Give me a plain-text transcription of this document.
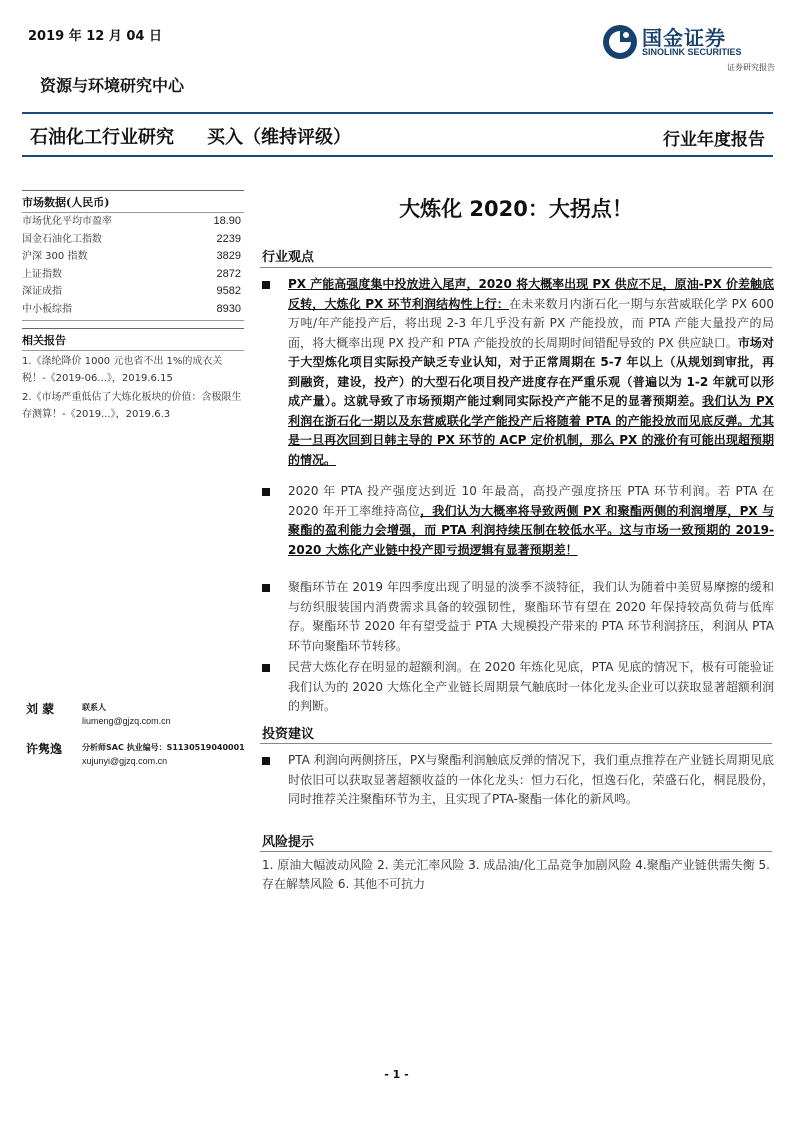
2019 年 12 月 04 日	国金证券
SINOLINK SECURITIES
证券研究报告
资源与环境研究中心
石油化工行业研究 买入（维持评级）	行业年度报告
市场数据(人民币)
市场优化平均市盈率	18.90
国金石油化工指数	2239
沪深 300 指数	3829
上证指数	2872
深证成指	9582
中小板综指	8930
相关报告
1.《涤纶降价 1000 元也省不出 1%的成衣关税！-《2019-06...》，2019.6.15
2.《市场严重低估了大炼化板块的价值：含极限生存测算！-《2019...》，2019.6.3
刘 蒙	联系人
liumeng@gjzq.com.cn
许隽逸 分析师SAC 执业编号：S1130519040001
xujunyi@gjzq.com.cn
大炼化 2020：大拐点！
行业观点
PX 产能高强度集中投放进入尾声，2020 将大概率出现 PX 供应不足，原油-PX 价差触底反转，大炼化 PX 环节利润结构性上行：在未来数月内浙石化一期与东营威联化学 PX 600 万吨/年产能投产后，将出现 2-3 年几乎没有新 PX 产能投放，而 PTA 产能大量投产的局面，将大概率出现 PX 投产和 PTA 产能投放的长周期时间错配导致的 PX 供应缺口。市场对于大型炼化项目实际投产缺乏专业认知，对于正常周期在 5-7 年以上（从规划到审批，再到融资，建设，投产）的大型石化项目投产进度存在严重乐观（普遍以为 1-2 年就可以形成产量）。这就导致了市场预期产能过剩同实际投产产能不足的显著预期差。我们认为 PX 利润在浙石化一期以及东营威联化学产能投产后将随着 PTA 的产能投放而见底反弹。尤其是一旦再次回到日韩主导的 PX 环节的 ACP 定价机制，那么 PX 的涨价有可能出现超预期的情况。
2020 年 PTA 投产强度达到近 10 年最高，高投产强度挤压 PTA 环节利润。若 PTA 在 2020 年开工率维持高位，我们认为大概率将导致两侧 PX 和聚酯两侧的利润增厚，PX 与聚酯的盈利能力会增强，而 PTA 利润持续压制在较低水平。这与市场一致预期的 2019-2020 大炼化产业链中投产即亏损逻辑有显著预期差！
聚酯环节在 2019 年四季度出现了明显的淡季不淡特征，我们认为随着中美贸易摩擦的缓和与纺织服装国内消费需求具备的较强韧性，聚酯环节有望在 2020 年保持较高负荷与低库存。聚酯环节 2020 年有望受益于 PTA 大规模投产带来的 PTA 环节利润挤压，利润从 PTA 环节向聚酯环节转移。
民营大炼化存在明显的超额利润。在 2020 年炼化见底，PTA 见底的情况下，极有可能验证我们认为的 2020 大炼化全产业链长周期景气触底时一体化龙头企业可以获取显著超额利润的判断。
投资建议
PTA 利润向两侧挤压，PX与聚酯利润触底反弹的情况下，我们重点推荐在产业链长周期见底时依旧可以获取显著超额收益的一体化龙头：恒力石化，恒逸石化，荣盛石化，桐昆股份，同时推荐关注聚酯环节为主，且实现了PTA-聚酯一体化的新风鸣。
风险提示
1. 原油大幅波动风险 2. 美元汇率风险 3. 成品油/化工品竞争加剧风险 4.聚酯产业链供需失衡 5.存在解禁风险 6. 其他不可抗力
- 1 -
